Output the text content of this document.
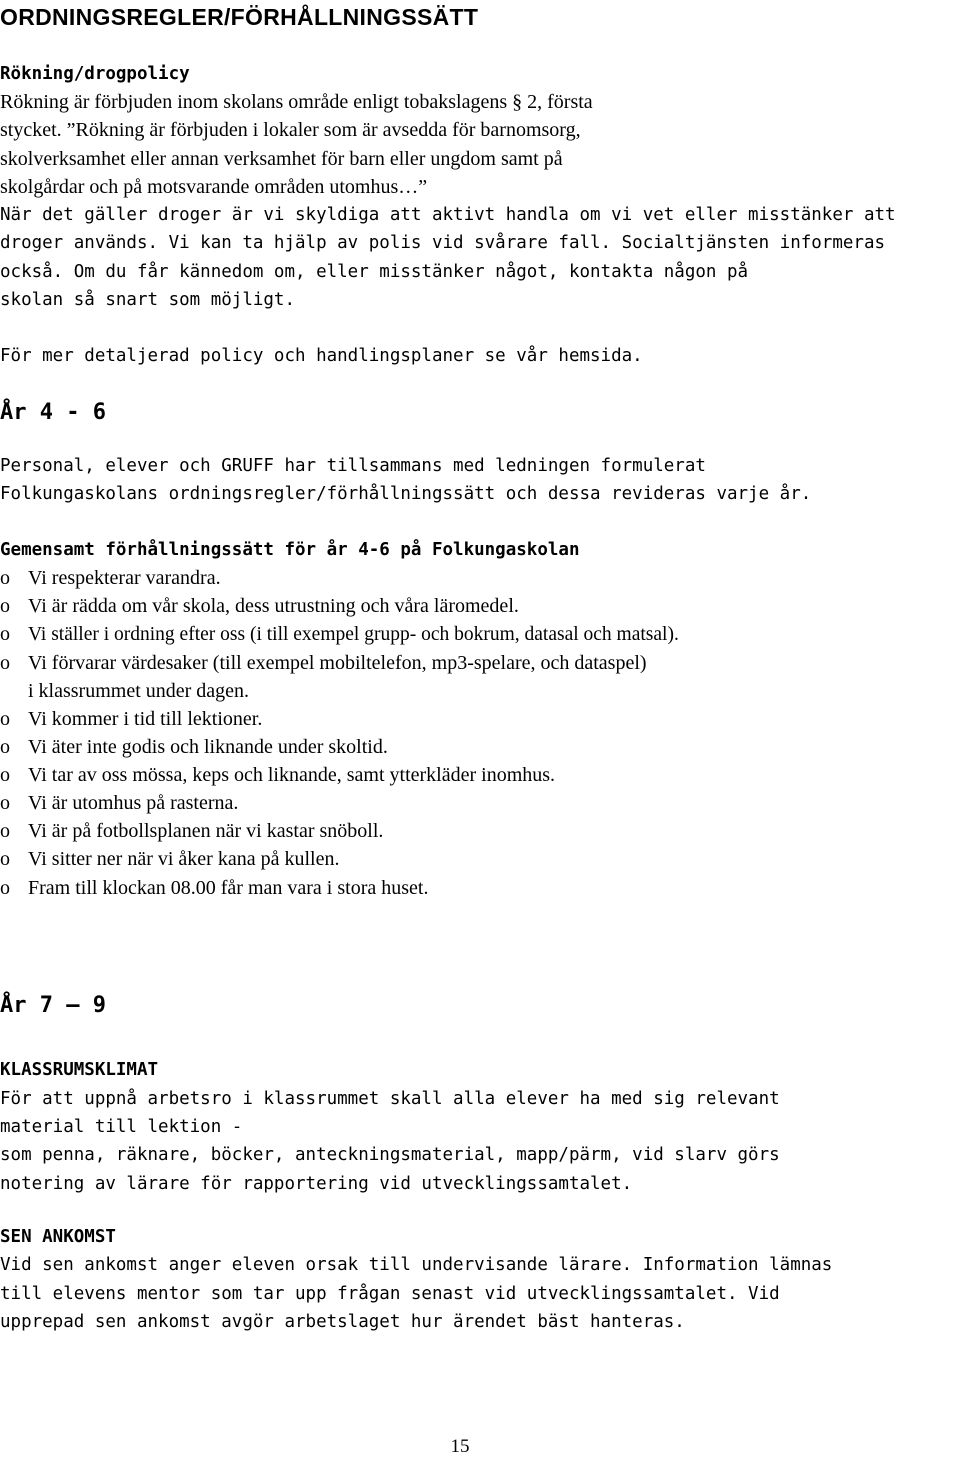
ORDNINGSREGLER/FÖRHÅLLNINGSSÄTT
Rökning/drogpolicy
Rökning är förbjuden inom skolans område enligt tobakslagens § 2, första
stycket. ”Rökning är förbjuden i lokaler som är avsedda för barnomsorg,
skolverksamhet eller annan verksamhet för barn eller ungdom samt på
skolgårdar och på motsvarande områden utomhus…”
När det gäller droger är vi skyldiga att aktivt handla om vi vet eller misstänker att
droger används. Vi kan ta hjälp av polis vid svårare fall. Socialtjänsten informeras
också. Om du får kännedom om, eller misstänker något, kontakta någon på
skolan så snart som möjligt.
För mer detaljerad policy och handlingsplaner se vår hemsida.
År 4 - 6
Personal, elever och GRUFF har tillsammans med ledningen formulerat
Folkungaskolans ordningsregler/förhållningssätt och dessa revideras varje år.
Gemensamt förhållningssätt för år 4-6 på Folkungaskolan
o Vi respekterar varandra.
o Vi är rädda om vår skola, dess utrustning och våra läromedel.
o Vi ställer i ordning efter oss (i till exempel grupp- och bokrum, datasal och matsal).
o Vi förvarar värdesaker (till exempel mobiltelefon, mp3-spelare, och dataspel)
i klassrummet under dagen.
o Vi kommer i tid till lektioner.
o Vi äter inte godis och liknande under skoltid.
o Vi tar av oss mössa, keps och liknande, samt ytterkläder inomhus.
o Vi är utomhus på rasterna.
o Vi är på fotbollsplanen när vi kastar snöboll.
o Vi sitter ner när vi åker kana på kullen.
o Fram till klockan 08.00 får man vara i stora huset.
År 7 – 9
KLASSRUMSKLIMAT
För att uppnå arbetsro i klassrummet skall alla elever ha med sig relevant
material till lektion -
som penna, räknare, böcker, anteckningsmaterial, mapp/pärm, vid slarv görs
notering av lärare för rapportering vid utvecklingssamtalet.
SEN ANKOMST
Vid sen ankomst anger eleven orsak till undervisande lärare. Information lämnas
till elevens mentor som tar upp frågan senast vid utvecklingssamtalet. Vid
upprepad sen ankomst avgör arbetslaget hur ärendet bäst hanteras.
15
